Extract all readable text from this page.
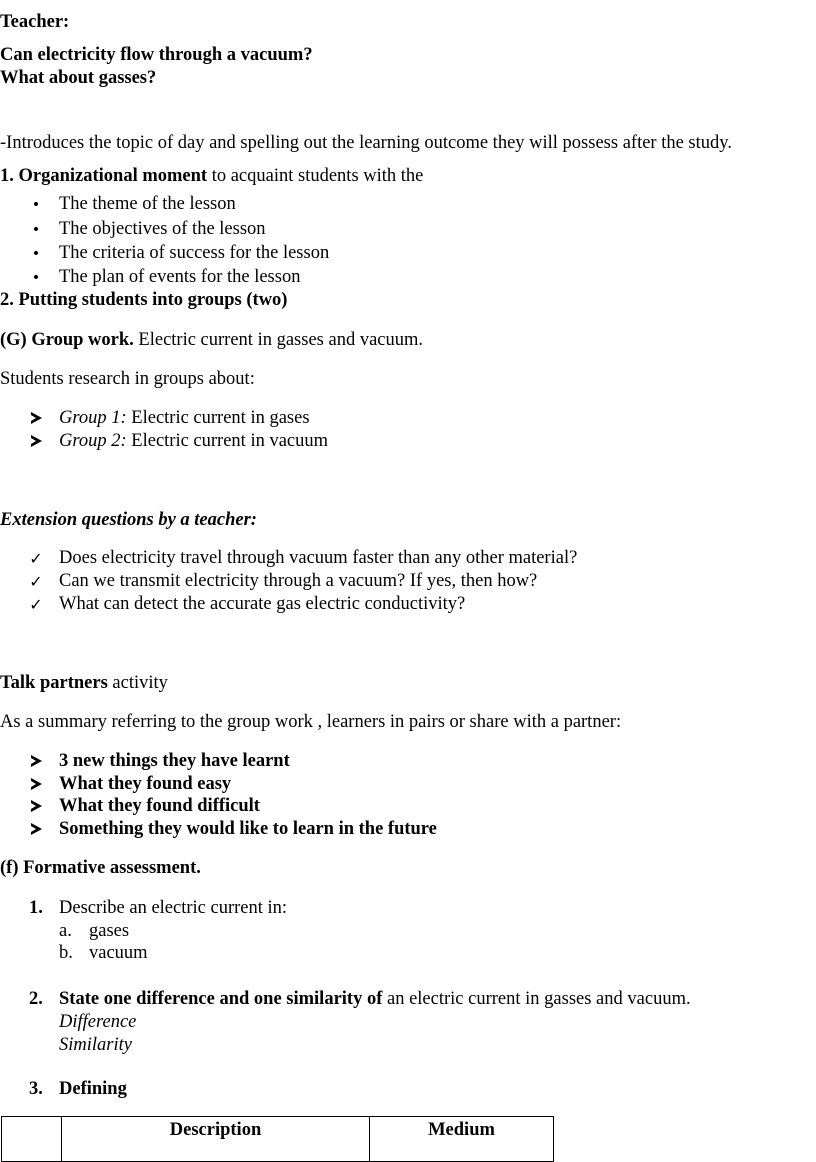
Teacher:
Can electricity flow through a vacuum?
What about gasses?
-Introduces the topic of day and spelling out the learning outcome they will possess after the study.
1. Organizational moment to acquaint students with the
•
The theme of the lesson
•
The objectives of the lesson
•
The criteria of success for the lesson
•
The plan of events for the lesson
2. Putting students into groups (two)
(G) Group work. Electric current in gasses and vacuum.
Students research in groups about:
Group 1: Electric current in gases
Group 2: Electric current in vacuum
Extension questions by a teacher:
✓
Does electricity travel through vacuum faster than any other material?
✓
Can we transmit electricity through a vacuum? If yes, then how?
✓
What can detect the accurate gas electric conductivity?
Talk partners activity
As a summary referring to the group work , learners in pairs or share with a partner:
3 new things they have learnt
What they found easy
What they found difficult
Something they would like to learn in the future
(f) Formative assessment.
1. Describe an electric current in:
a. gases
b. vacuum
2. State one difference and one similarity of an electric current in gasses and vacuum.
Difference
Similarity
3. Defining
	Description	Medium
